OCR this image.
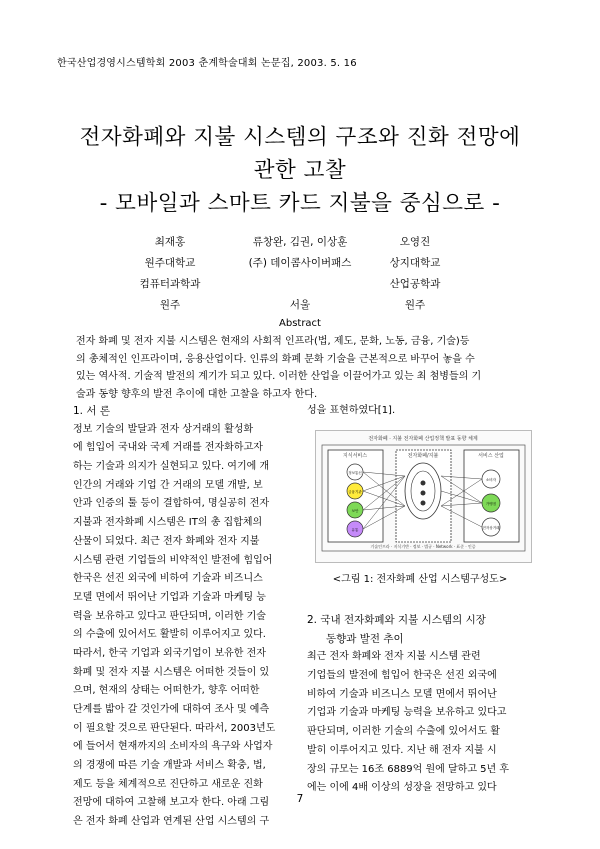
한국산업경영시스템학회 2003 춘계학술대회 논문집, 2003. 5. 16
전자화폐와 지불 시스템의 구조와 진화 전망에
관한 고찰
- 모바일과 스마트 카드 지불을 중심으로 -
최재홍
원주대학교
컴퓨터과학과
원주
류창완, 김권, 이상훈
(주) 데이콤사이버패스
서울
오영진
상지대학교
산업공학과
원주
Abstract
전자 화폐 및 전자 지불 시스템은 현재의 사회적 인프라(법, 제도, 문화, 노동, 금융, 기술)등
의 총체적인 인프라이며, 응용산업이다. 인류의 화폐 문화 기술을 근본적으로 바꾸어 놓을 수
있는 역사적. 기술적 발전의 계기가 되고 있다. 이러한 산업을 이끌어가고 있는 최 첨병들의 기
술과 동향 향후의 발전 추이에 대한 고찰을 하고자 한다.
1. 서 론
정보 기술의 발달과 전자 상거래의 활성화
에 힘입어 국내와 국제 거래를 전자화하고자
하는 기술과 의지가 실현되고 있다. 여기에 개
인간의 거래와 기업 간 거래의 모델 개발, 보
안과 인증의 툴 등이 결합하여, 명실공히 전자
지불과 전자화폐 시스템은 IT의 총 집합체의
산물이 되었다. 최근 전자 화폐와 전자 지불
시스템 관련 기업들의 비약적인 발전에 힘입어
한국은 선진 외국에 비하여 기술과 비즈니스
모델 면에서 뛰어난 기업과 기술과 마케팅 능
력을 보유하고 있다고 판단되며, 이러한 기술
의 수출에 있어서도 활발히 이루어지고 있다.
따라서, 한국 기업과 외국기업이 보유한 전자
화폐 및 전자 지불 시스템은 어떠한 것들이 있
으며, 현재의 상태는 어떠한가, 향후 어떠한
단계를 밟아 갈 것인가에 대하여 조사 및 예측
이 필요할 것으로 판단된다. 따라서, 2003년도
에 들어서 현재까지의 소비자의 욕구와 사업자
의 경쟁에 따른 기술 개발과 서비스 확충, 법,
제도 등을 체계적으로 진단하고 새로운 진화
전망에 대하여 고찰해 보고자 한다. 아래 그림
은 전자 화폐 산업과 연계된 산업 시스템의 구
성을 표현하였다[1].
전자화폐 · 지불 전자화폐 산업정책 발표 동향 체계
지식서비스
정보통신
금융기관
보안
유통
전자화폐/지불	서비스 산업
소비자
가맹점
전자상거래
기술인프라 · 지식기반 · 정보 · 법규 · Network · 표준 · 인증
<그림 1: 전자화폐 산업 시스템구성도>
2. 국내 전자화폐와 지불 시스템의 시장
동향과 발전 추이
최근 전자 화폐와 전자 지불 시스템 관련
기업들의 발전에 힘입어 한국은 선진 외국에
비하여 기술과 비즈니스 모델 면에서 뛰어난
기업과 기술과 마케팅 능력을 보유하고 있다고
판단되며, 이러한 기술의 수출에 있어서도 활
발히 이루어지고 있다. 지난 해 전자 지불 시
장의 규모는 16조 6889억 원에 달하고 5년 후
에는 이에 4배 이상의 성장을 전망하고 있다
7
